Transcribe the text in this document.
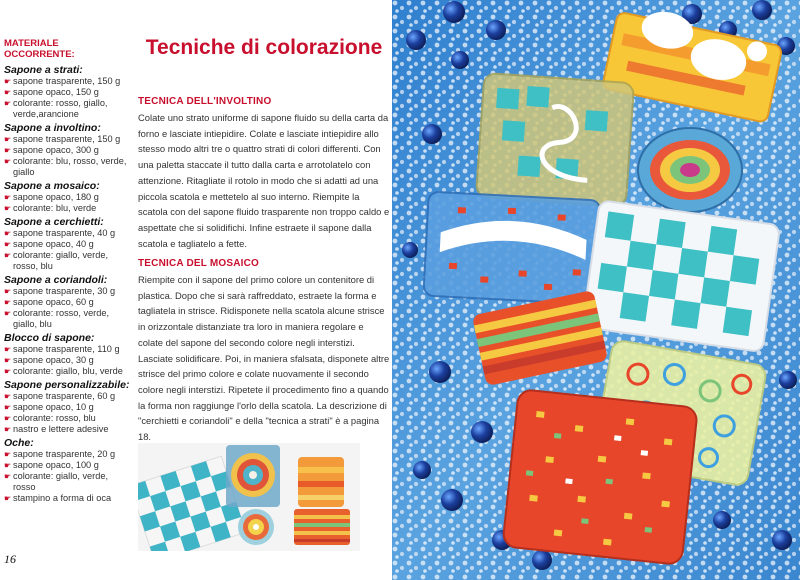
MATERIALE OCCORRENTE:
Sapone a strati:
☛ sapone trasparente, 150 g
☛ sapone opaco, 150 g
☛ colorante: rosso, giallo, verde,arancione
Sapone a involtino:
☛ sapone trasparente, 150 g
☛ sapone opaco, 300 g
☛ colorante: blu, rosso, verde, giallo
Sapone a mosaico:
☛ sapone opaco, 180 g
☛ colorante: blu, verde
Sapone a cerchietti:
☛ sapone trasparente, 40 g
☛ sapone opaco, 40 g
☛ colorante: giallo, verde, rosso, blu
Sapone a coriandoli:
☛ sapone trasparente, 30 g
☛ sapone opaco, 60 g
☛ colorante: rosso, verde, giallo, blu
Blocco di sapone:
☛ sapone trasparente, 110 g
☛ sapone opaco, 30 g
☛ colorante: giallo, blu, verde
Sapone personalizzabile:
☛ sapone trasparente, 60 g
☛ sapone opaco, 10 g
☛ colorante: rosso, blu
☛ nastro e lettere adesive
Oche:
☛ sapone trasparente, 20 g
☛ sapone opaco, 100 g
☛ colorante: giallo, verde, rosso
☛ stampino a forma di oca
16
Tecniche di colorazione
TECNICA DELL'INVOLTINO

Colate uno strato uniforme di sapone fluido su della carta da forno e lasciate intiepidire. Colate e lasciate intiepidire allo stesso modo altri tre o quattro strati di colori differenti. Con una paletta staccate il tutto dalla carta e arrotolatelo con attenzione. Ritagliate il rotolo in modo che si adatti ad una piccola scatola e mettetelo al suo interno. Riempite la scatola con del sapone fluido trasparente non troppo caldo e aspettate che si solidifichi. Infine estraete il sapone dalla scatola e tagliatelo a fette.

TECNICA DEL MOSAICO

Riempite con il sapone del primo colore un contenitore di plastica. Dopo che si sarà raffreddato, estraete la forma e tagliatela in strisce. Ridisponete nella scatola alcune strisce in orizzontale distanziate tra loro in maniera regolare e colate del sapone del secondo colore negli interstizi. Lasciate solidificare. Poi, in maniera sfalsata, disponete altre strisce del primo colore e colate nuovamente il secondo colore negli interstizi. Ripetete il procedimento fino a quando la forma non raggiunge l'orlo della scatola. La descrizione di "cerchietti e coriandoli" e della "tecnica a strati" è a pagina 18.
